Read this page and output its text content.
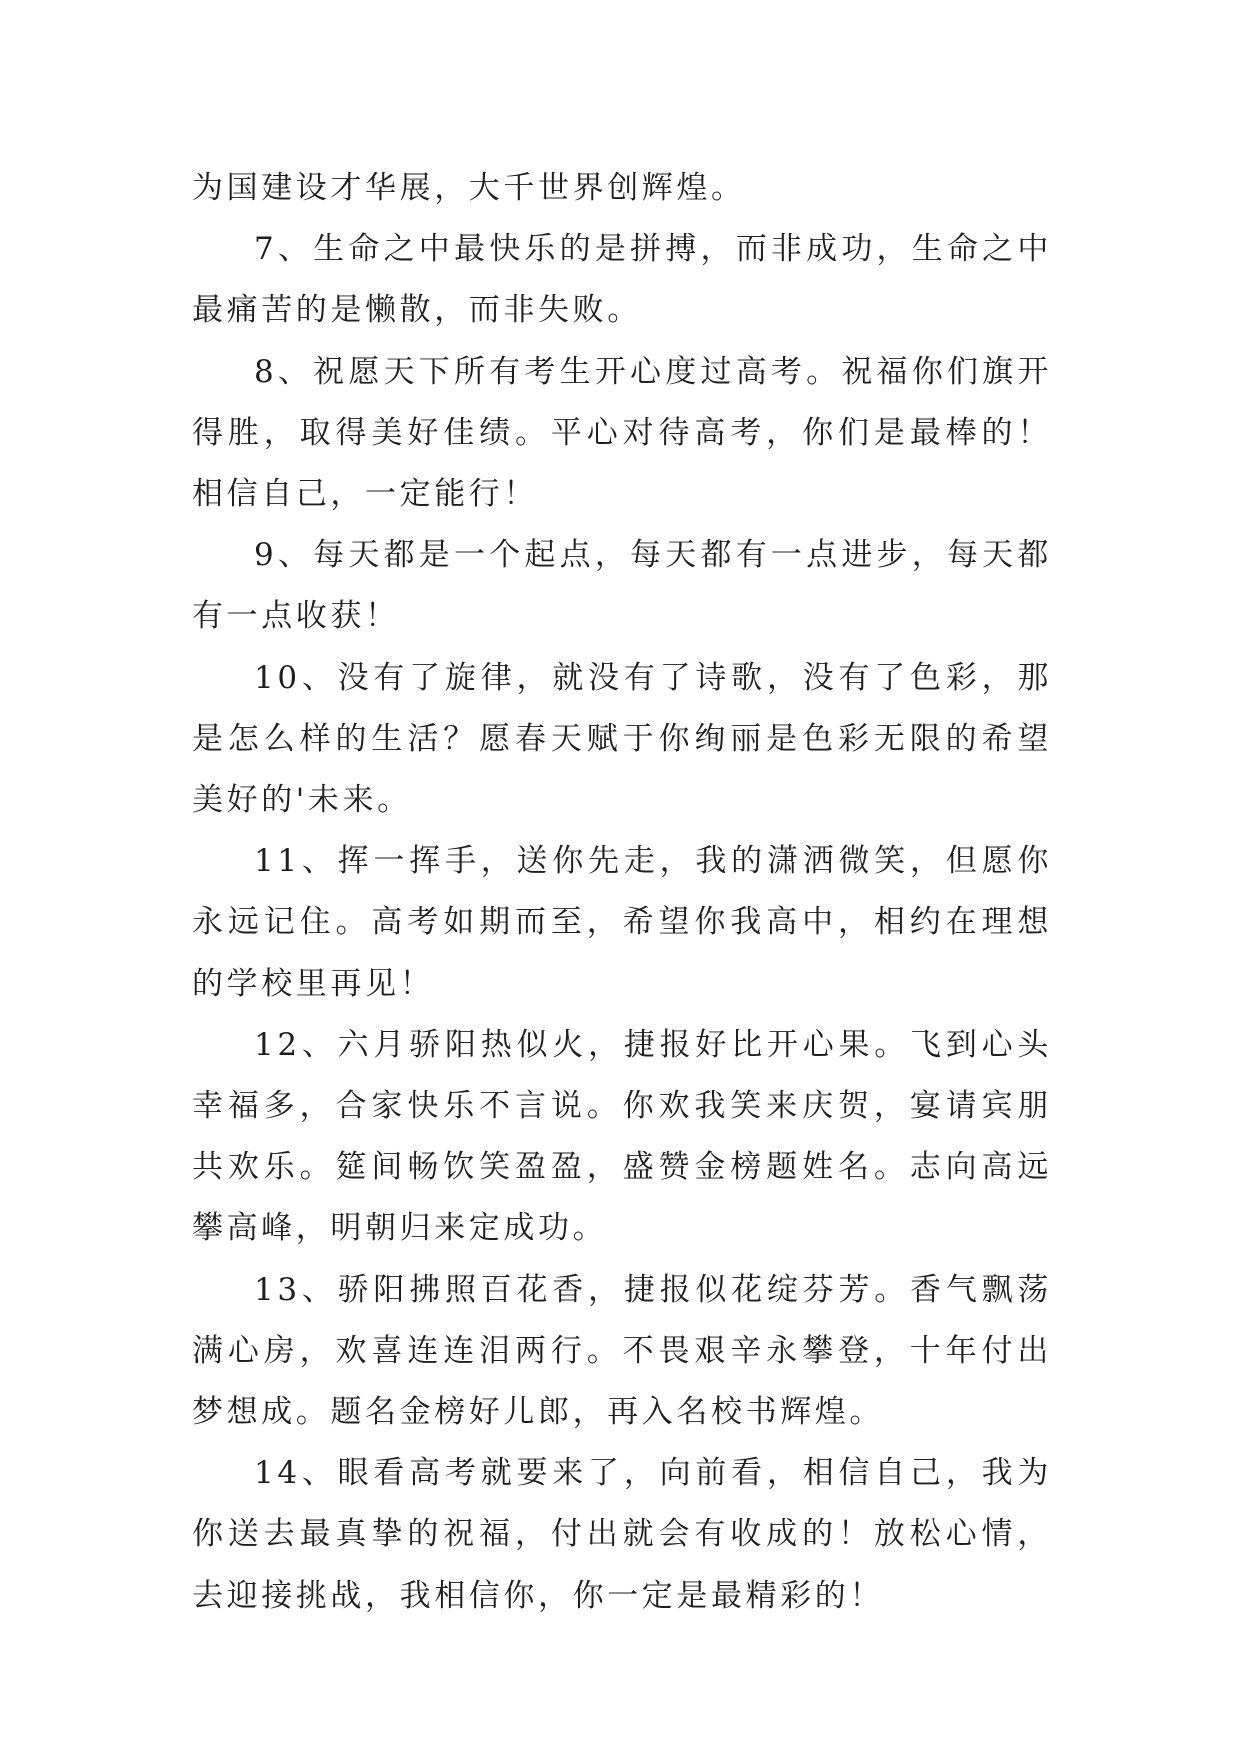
为国建设才华展，大千世界创辉煌。

7、生命之中最快乐的是拼搏，而非成功，生命之中最痛苦的是懒散，而非失败。

8、祝愿天下所有考生开心度过高考。祝福你们旗开得胜，取得美好佳绩。平心对待高考，你们是最棒的！相信自己，一定能行！

9、每天都是一个起点，每天都有一点进步，每天都有一点收获！

10、没有了旋律，就没有了诗歌，没有了色彩，那是怎么样的生活？愿春天赋于你绚丽是色彩无限的希望美好的'未来。

11、挥一挥手，送你先走，我的潇洒微笑，但愿你永远记住。高考如期而至，希望你我高中，相约在理想的学校里再见！

12、六月骄阳热似火，捷报好比开心果。飞到心头幸福多，合家快乐不言说。你欢我笑来庆贺，宴请宾朋共欢乐。筵间畅饮笑盈盈，盛赞金榜题姓名。志向高远攀高峰，明朝归来定成功。

13、骄阳拂照百花香，捷报似花绽芬芳。香气飘荡满心房，欢喜连连泪两行。不畏艰辛永攀登，十年付出梦想成。题名金榜好儿郎，再入名校书辉煌。

14、眼看高考就要来了，向前看，相信自己，我为你送去最真挚的祝福，付出就会有收成的！放松心情，去迎接挑战，我相信你，你一定是最精彩的！
